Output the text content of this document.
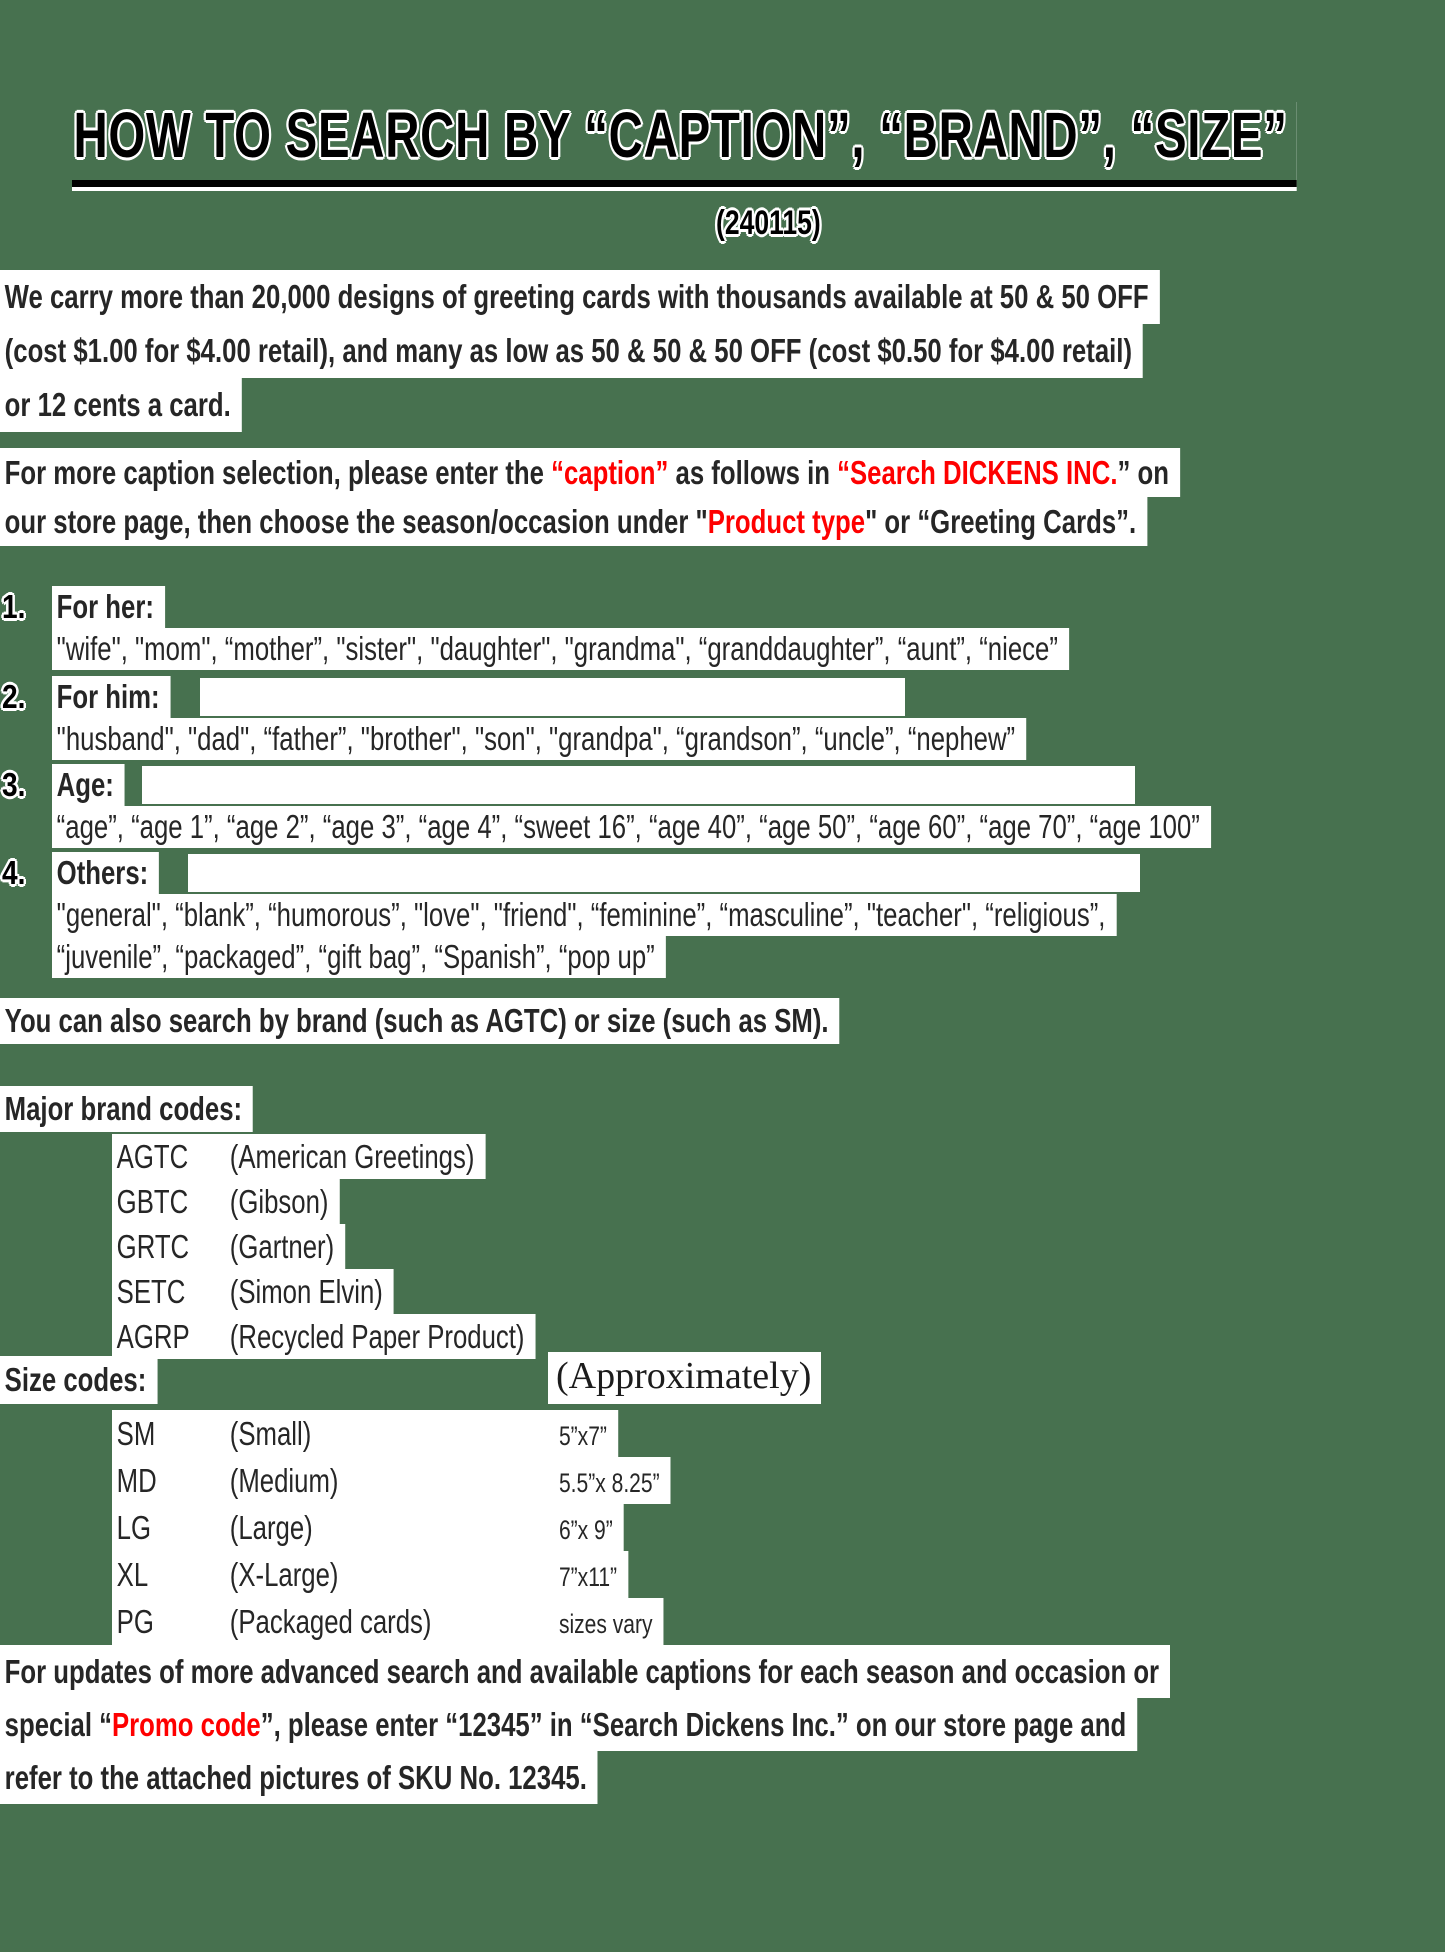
HOW TO SEARCH BY “CAPTION”, “BRAND”, “SIZE”
(240115)
We carry more than 20,000 designs of greeting cards with thousands available at 50 & 50 OFF
(cost $1.00 for $4.00 retail), and many as low as 50 & 50 & 50 OFF (cost $0.50 for $4.00 retail)
or 12 cents a card.
For more caption selection, please enter the “caption” as follows in “Search DICKENS INC.” on
our store page, then choose the season/occasion under "Product type" or “Greeting Cards”.
1. For her:
"wife", "mom", “mother”, "sister", "daughter", "grandma", “granddaughter”, “aunt”, “niece”
2. For him:
"husband", "dad", “father”, "brother", "son", "grandpa", “grandson”, “uncle”, “nephew”
3. Age:
“age”, “age 1”, “age 2”, “age 3”, “age 4”, “sweet 16”, “age 40”, “age 50”, “age 60”, “age 70”, “age 100”
4. Others:
"general", “blank”, “humorous”, "love", "friend", “feminine”, “masculine”, "teacher", “religious”,
“juvenile”, “packaged”, “gift bag”, “Spanish”, “pop up”
You can also search by brand (such as AGTC) or size (such as SM).
Major brand codes:
AGTC (American Greetings)
GBTC (Gibson)
GRTC (Gartner)
SETC (Simon Elvin)
AGRP (Recycled Paper Product)
Size codes:	(Approximately)
SM (Small)	5”x7”
MD (Medium)	5.5”x 8.25”
LG (Large)	6”x 9”
XL (X-Large)	7”x11”
PG (Packaged cards)	sizes vary
For updates of more advanced search and available captions for each season and occasion or
special “Promo code”, please enter “12345” in “Search Dickens Inc.” on our store page and
refer to the attached pictures of SKU No. 12345.
